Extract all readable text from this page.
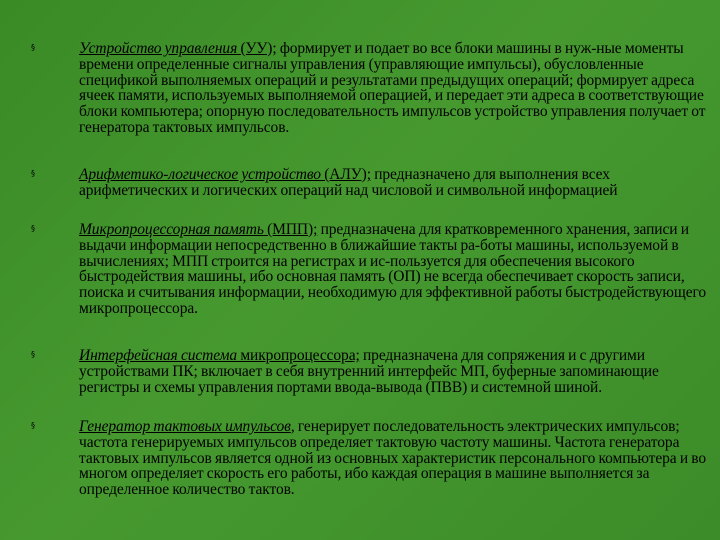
§	Устройство управления (УУ); формирует и подает во все блоки машины в нуж-ные моменты времени определенные сигналы управления (управляющие импульсы), обусловленные спецификой выполняемых операций и результатами предыдущих операций; формирует адреса ячеек памяти, используемых выполняемой операцией, и передает эти адреса в соответствующие блоки компьютера; опорную последовательность импульсов устройство управления получает от генератора тактовых импульсов.

§	Арифметико-логическое устройство (АЛУ); предназначено для выполнения всех арифметических и логических операций над числовой и символьной информацией

§	Микропроцессорная память (МПП); предназначена для кратковременного хранения, записи и выдачи информации непосредственно в ближайшие такты ра-боты машины, используемой в вычислениях; МПП строится на регистрах и ис-пользуется для обеспечения высокого быстродействия машины, ибо основная память (ОП) не всегда обеспечивает скорость записи, поиска и считывания информации, необходимую для эффективной работы быстродействующего микропроцессора.

§	Интерфейсная система микропроцессора; предназначена для сопряжения и с другими устройствами ПК; включает в себя внутренний интерфейс МП, буферные запоминающие регистры и схемы управления портами ввода-вывода (ПВВ) и системной шиной.

§	Генератор тактовых импульсов, генерирует последовательность электрических импульсов; частота генерируемых импульсов определяет тактовую частоту машины. Частота генератора тактовых импульсов является одной из основных характеристик персонального компьютера и во многом определяет скорость его работы, ибо каждая операция в машине выполняется за определенное количество тактов.
